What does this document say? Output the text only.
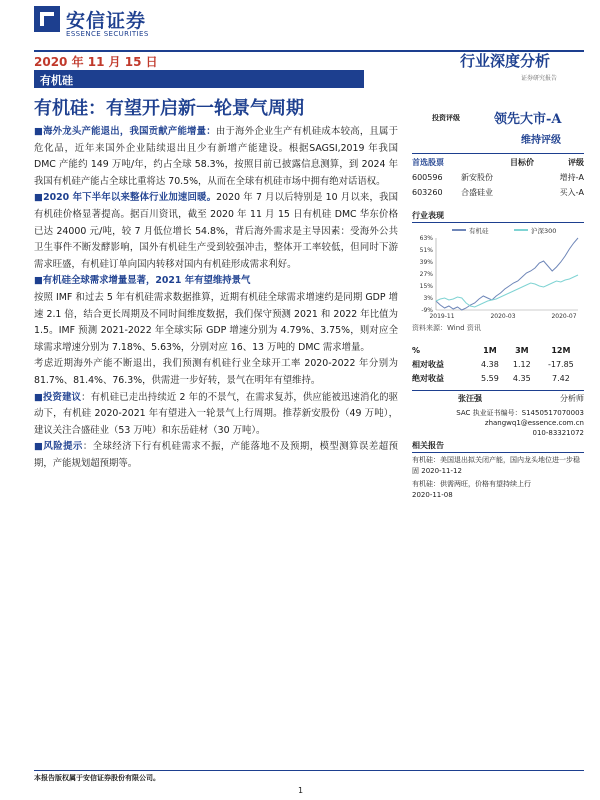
安信证券
ESSENCE SECURITIES
2020 年 11 月 15 日
有机硅
行业深度分析
证券研究报告
有机硅：有望开启新一轮景气周期

■海外龙头产能退出，我国贡献产能增量：由于海外企业生产有机硅成本较高，且属于危化品，近年来国外企业陆续退出且少有新增产能建设。根据SAGSI,2019 年我国 DMC 产能约 149 万吨/年，约占全球 58.3%，按照目前已披露信息测算，到 2024 年我国有机硅产能占全球比重将达 70.5%，从而在全球有机硅市场中拥有绝对话语权。

■2020 年下半年以来整体行业加速回暖。2020 年 7 月以后特别是 10 月以来，我国有机硅价格显著提高。据百川资讯，截至 2020 年 11 月 15 日有机硅 DMC 华东价格已达 24000 元/吨，较 7 月低位增长 54.8%，背后海外需求是主导因素：受海外公共卫生事件不断发酵影响，国外有机硅生产受到较强冲击，整体开工率较低，但同时下游需求旺盛，有机硅订单向国内转移对国内有机硅形成需求利好。

■有机硅全球需求增量显著，2021 年有望维持景气

按照 IMF 和过去 5 年有机硅需求数据推算，近期有机硅全球需求增速约是同期 GDP 增速 2.1 倍，结合更长周期及不同时间维度数据，我们保守预测 2021 和 2022 年比值为 1.5。IMF 预测 2021-2022 年全球实际 GDP 增速分别为 4.79%、3.75%，则对应全球需求增速分别为 7.18%、5.63%，分别对应 16、13 万吨的 DMC 需求增量。

考虑近期海外产能不断退出，我们预测有机硅行业全球开工率 2020-2022 年分别为 81.7%、81.4%、76.3%，供需进一步好转，景气在明年有望维持。

■投资建议：有机硅已走出持续近 2 年的不景气，在需求复苏，供应能被迅速消化的驱动下，有机硅 2020-2021 年有望进入一轮景气上行周期。推荐新安股份（49 万吨），建议关注合盛硅业（53 万吨）和东岳硅材（30 万吨）。

■风险提示：全球经济下行有机硅需求不振，产能落地不及预期，模型测算误差超预期，产能规划超预期等。

投资评级	领先大市-A
维持评级
首选股票		目标价	评级
600596	新安股份		增持-A
603260	合盛硅业		买入-A
行业表现
有机硅	沪深300
63%
51%
39%
27%
15%
3%
-9%
2019-11	2020-03	2020-07
资料来源：Wind 资讯
%	1M	3M	12M
相对收益	4.38	1.12	-17.85
绝对收益	5.59	4.35	7.42
张汪强	分析师
SAC 执业证书编号：S1450517070003
zhangwq1@essence.com.cn
010-83321072
相关报告
有机硅：美国退出拟关闭产能，国内龙头地位进一步稳固 2020-11-12
有机硅：供需两旺，价格有望持续上行
2020-11-08
本报告版权属于安信证券股份有限公司。
1
